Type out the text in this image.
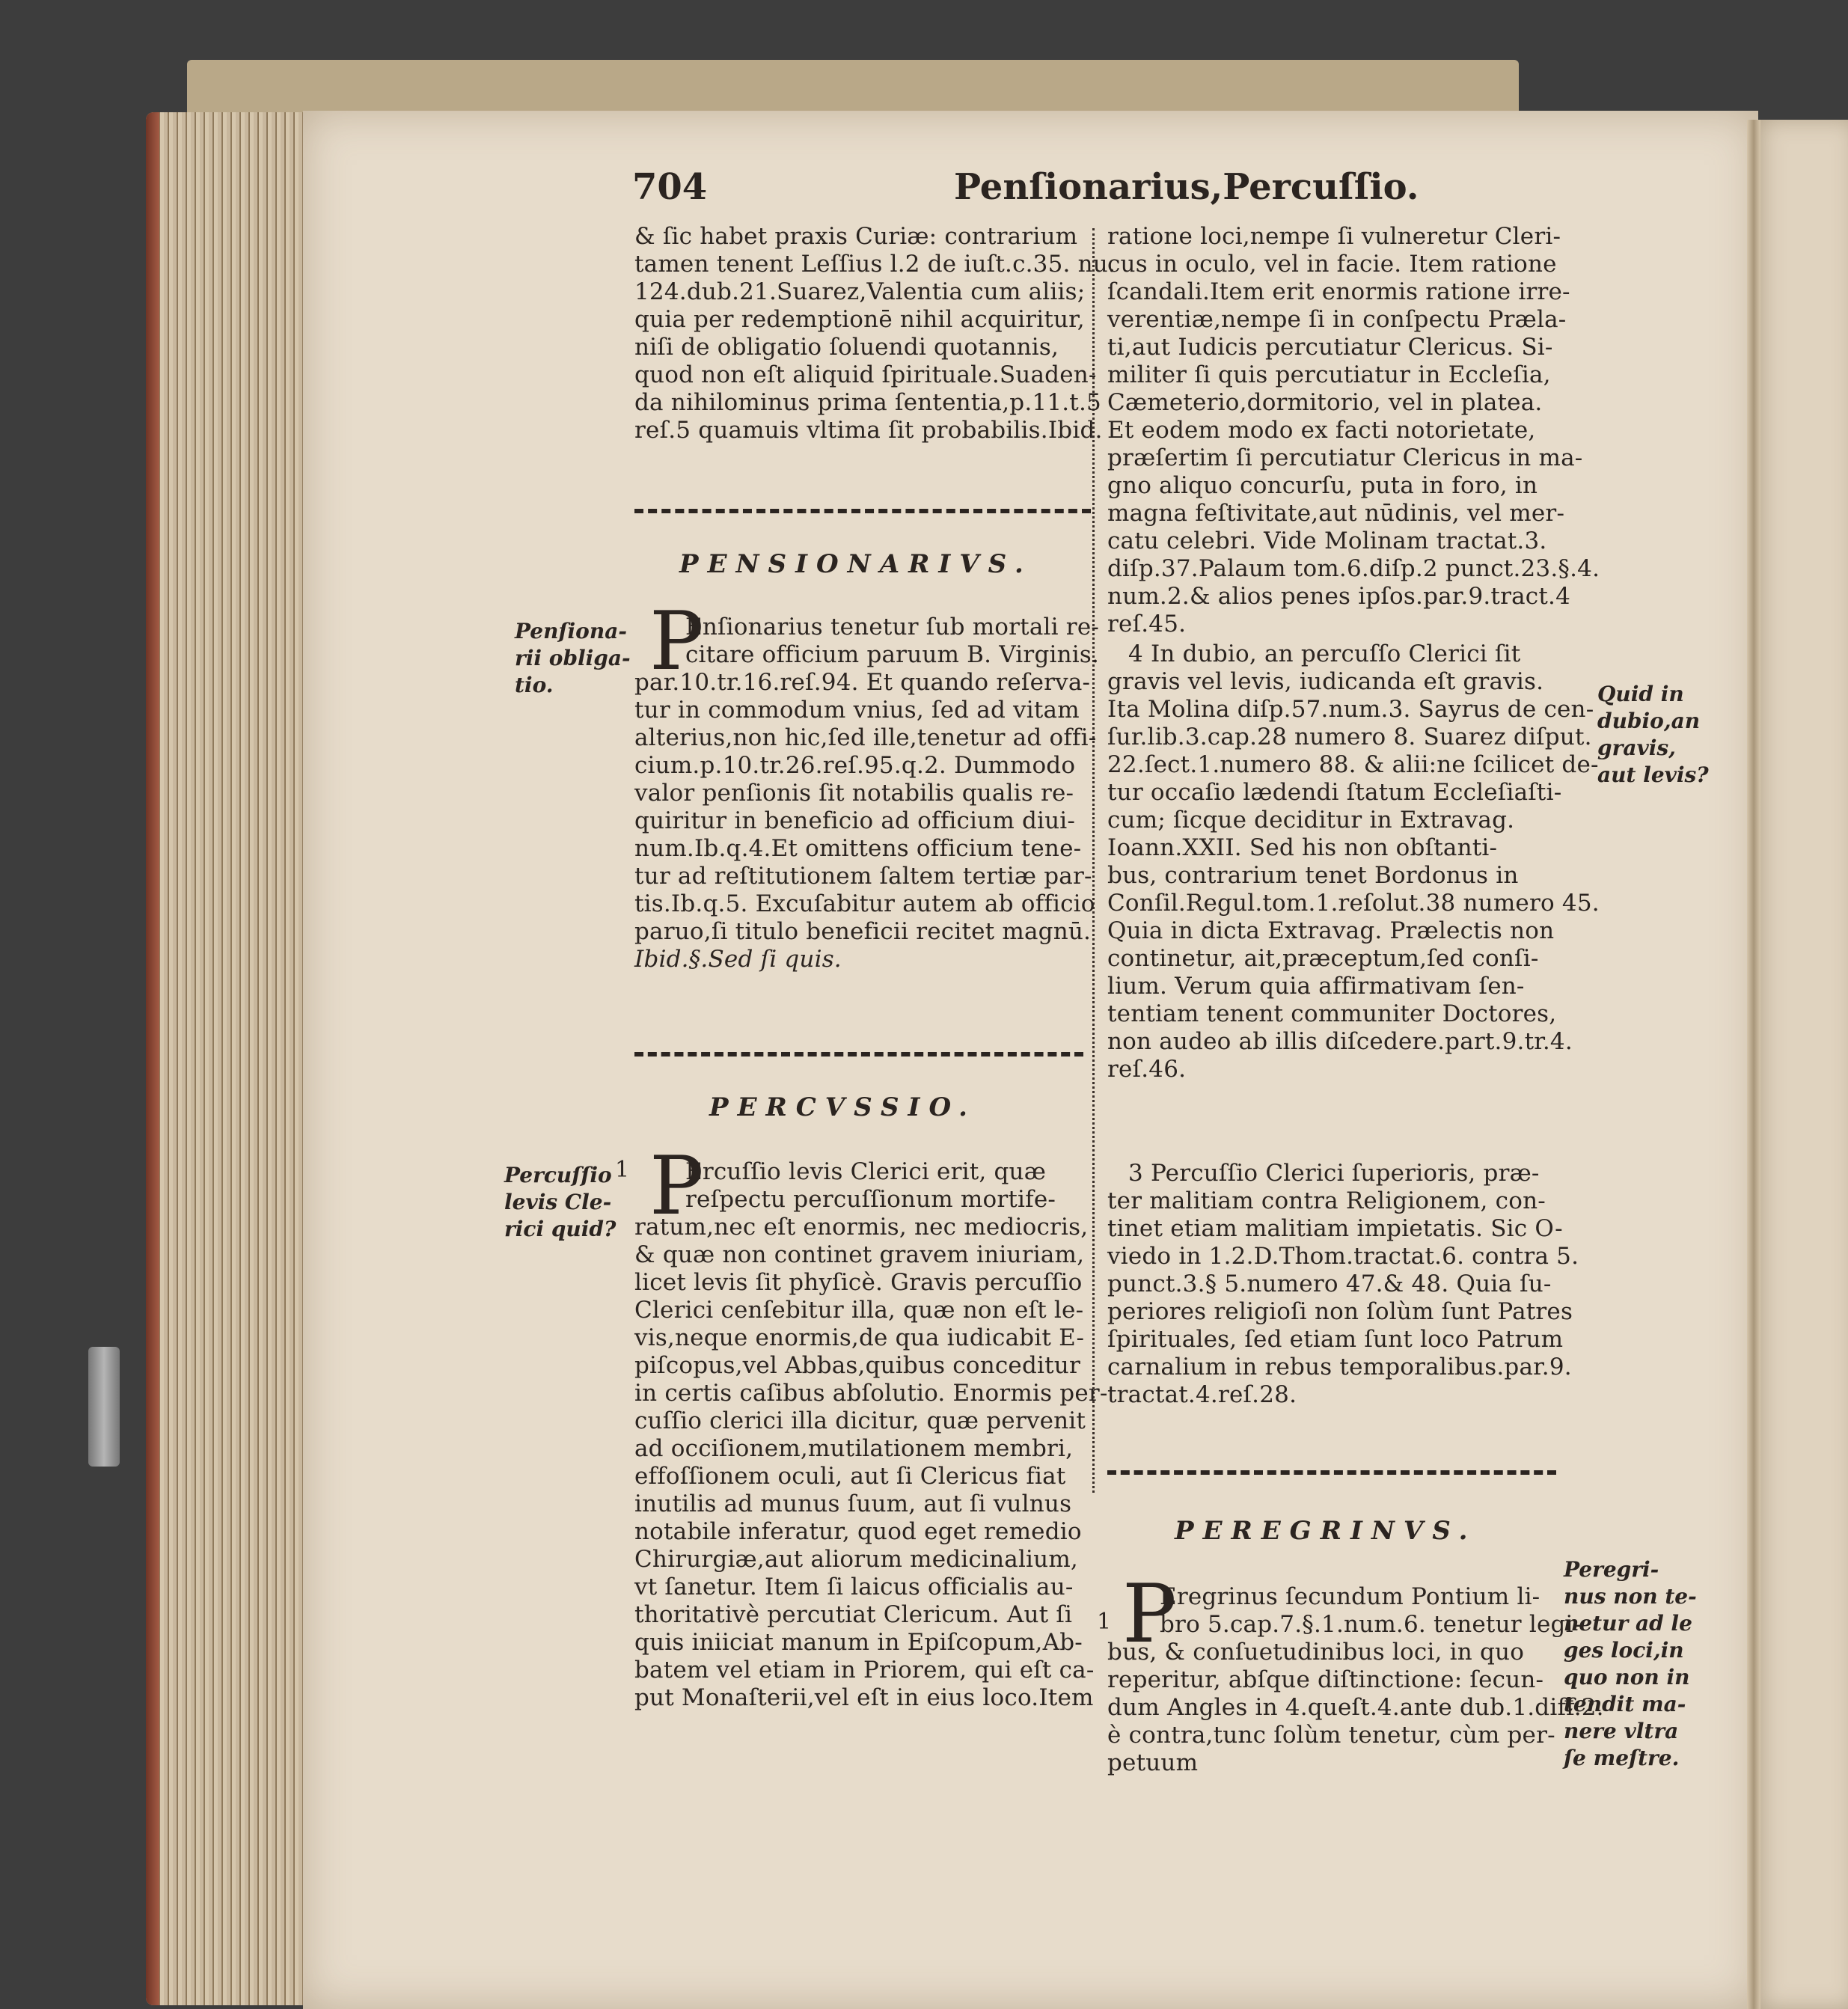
704	Penſionarius,Percuſſio.
& ſic habet praxis Curiæ: contrarium
tamen tenent Leſſius l.2 de iuſt.c.35. nu.
124.dub.21.Suarez,Valentia cum aliis;
quia per redemptionē nihil acquiritur,
niſi de obligatio ſoluendi quotannis,
quod non eſt aliquid ſpirituale.Suaden-
da nihilominus prima ſententia,p.11.t.5
reſ.5 quamuis vltima ſit probabilis.Ibid.
PENSIONARIVS.
P
Enſionarius tenetur ſub mortali re-
citare officium paruum B. Virginis.
par.10.tr.16.reſ.94. Et quando reſerva-
tur in commodum vnius, ſed ad vitam
alterius,non hic,ſed ille,tenetur ad offi-
cium.p.10.tr.26.reſ.95.q.2. Dummodo
valor penſionis ſit notabilis qualis re-
quiritur in beneficio ad officium diui-
num.Ib.q.4.Et omittens officium tene-
tur ad reſtitutionem ſaltem tertiæ par-
tis.Ib.q.5. Excuſabitur autem ab officio
paruo,ſi titulo beneficii recitet magnū.
Ibid.§.Sed ſi quis.
PERCVSSIO.
P
Ercuſſio levis Clerici erit, quæ
reſpectu percuſſionum mortife-
ratum,nec eſt enormis, nec mediocris,
& quæ non continet gravem iniuriam,
licet levis ſit phyſicè. Gravis percuſſio
Clerici cenſebitur illa, quæ non eſt le-
vis,neque enormis,de qua iudicabit E-
piſcopus,vel Abbas,quibus conceditur
in certis caſibus abſolutio. Enormis per-
cuſſio clerici illa dicitur, quæ pervenit
ad occiſionem,mutilationem membri,
effoſſionem oculi, aut ſi Clericus fiat
inutilis ad munus ſuum, aut ſi vulnus
notabile inferatur, quod eget remedio
Chirurgiæ,aut aliorum medicinalium,
vt ſanetur. Item ſi laicus officialis au-
thoritativè percutiat Clericum. Aut ſi
quis iniiciat manum in Epiſcopum,Ab-
batem vel etiam in Priorem, qui eſt ca-
put Monaſterii,vel eſt in eius loco.Item
Penſiona-
rii obliga-
tio.
Percuſſio
levis Cle-
rici quid?
1
ratione loci,nempe ſi vulneretur Cleri-
cus in oculo, vel in facie. Item ratione
ſcandali.Item erit enormis ratione irre-
verentiæ,nempe ſi in conſpectu Præla-
ti,aut Iudicis percutiatur Clericus. Si-
militer ſi quis percutiatur in Eccleſia,
Cæmeterio,dormitorio, vel in platea.
Et eodem modo ex facti notorietate,
præſertim ſi percutiatur Clericus in ma-
gno aliquo concurſu, puta in foro, in
magna feſtivitate,aut nūdinis, vel mer-
catu celebri. Vide Molinam tractat.3.
diſp.37.Palaum tom.6.diſp.2 punct.23.§.4.
num.2.& alios penes ipſos.par.9.tract.4
reſ.45.
4 In dubio, an percuſſo Clerici ſit
gravis vel levis, iudicanda eſt gravis.
Ita Molina diſp.57.num.3. Sayrus de cen-
ſur.lib.3.cap.28 numero 8. Suarez diſput.
22.ſect.1.numero 88. & alii:ne ſcilicet de-
tur occaſio lædendi ſtatum Eccleſiaſti-
cum; ſicque deciditur in Extravag.
Ioann.XXII. Sed his non obſtanti-
bus, contrarium tenet Bordonus in
Conſil.Regul.tom.1.reſolut.38 numero 45.
Quia in dicta Extravag. Prælectis non
continetur, ait,præceptum,ſed conſi-
lium. Verum quia affirmativam ſen-
tentiam tenent communiter Doctores,
non audeo ab illis diſcedere.part.9.tr.4.
reſ.46.
3 Percuſſio Clerici ſuperioris, præ-
ter malitiam contra Religionem, con-
tinet etiam malitiam impietatis. Sic O-
viedo in 1.2.D.Thom.tractat.6. contra 5.
punct.3.§ 5.numero 47.& 48. Quia ſu-
periores religioſi non ſolùm ſunt Patres
ſpirituales, ſed etiam ſunt loco Patrum
carnalium in rebus temporalibus.par.9.
tractat.4.reſ.28.
PEREGRINVS.
P
Eregrinus ſecundum Pontium li-
bro 5.cap.7.§.1.num.6. tenetur legi-
bus, & conſuetudinibus loci, in quo
reperitur, abſque diſtinctione: ſecun-
dum Angles in 4.queſt.4.ante dub.1.diff.2.
è contra,tunc ſolùm tenetur, cùm per-
petuum
1
Quid in
dubio,an
gravis,
aut levis?
Peregri-
nus non te-
netur ad le
ges loci,in
quo non in
tendit ma-
nere vltra
ſe meſtre.
